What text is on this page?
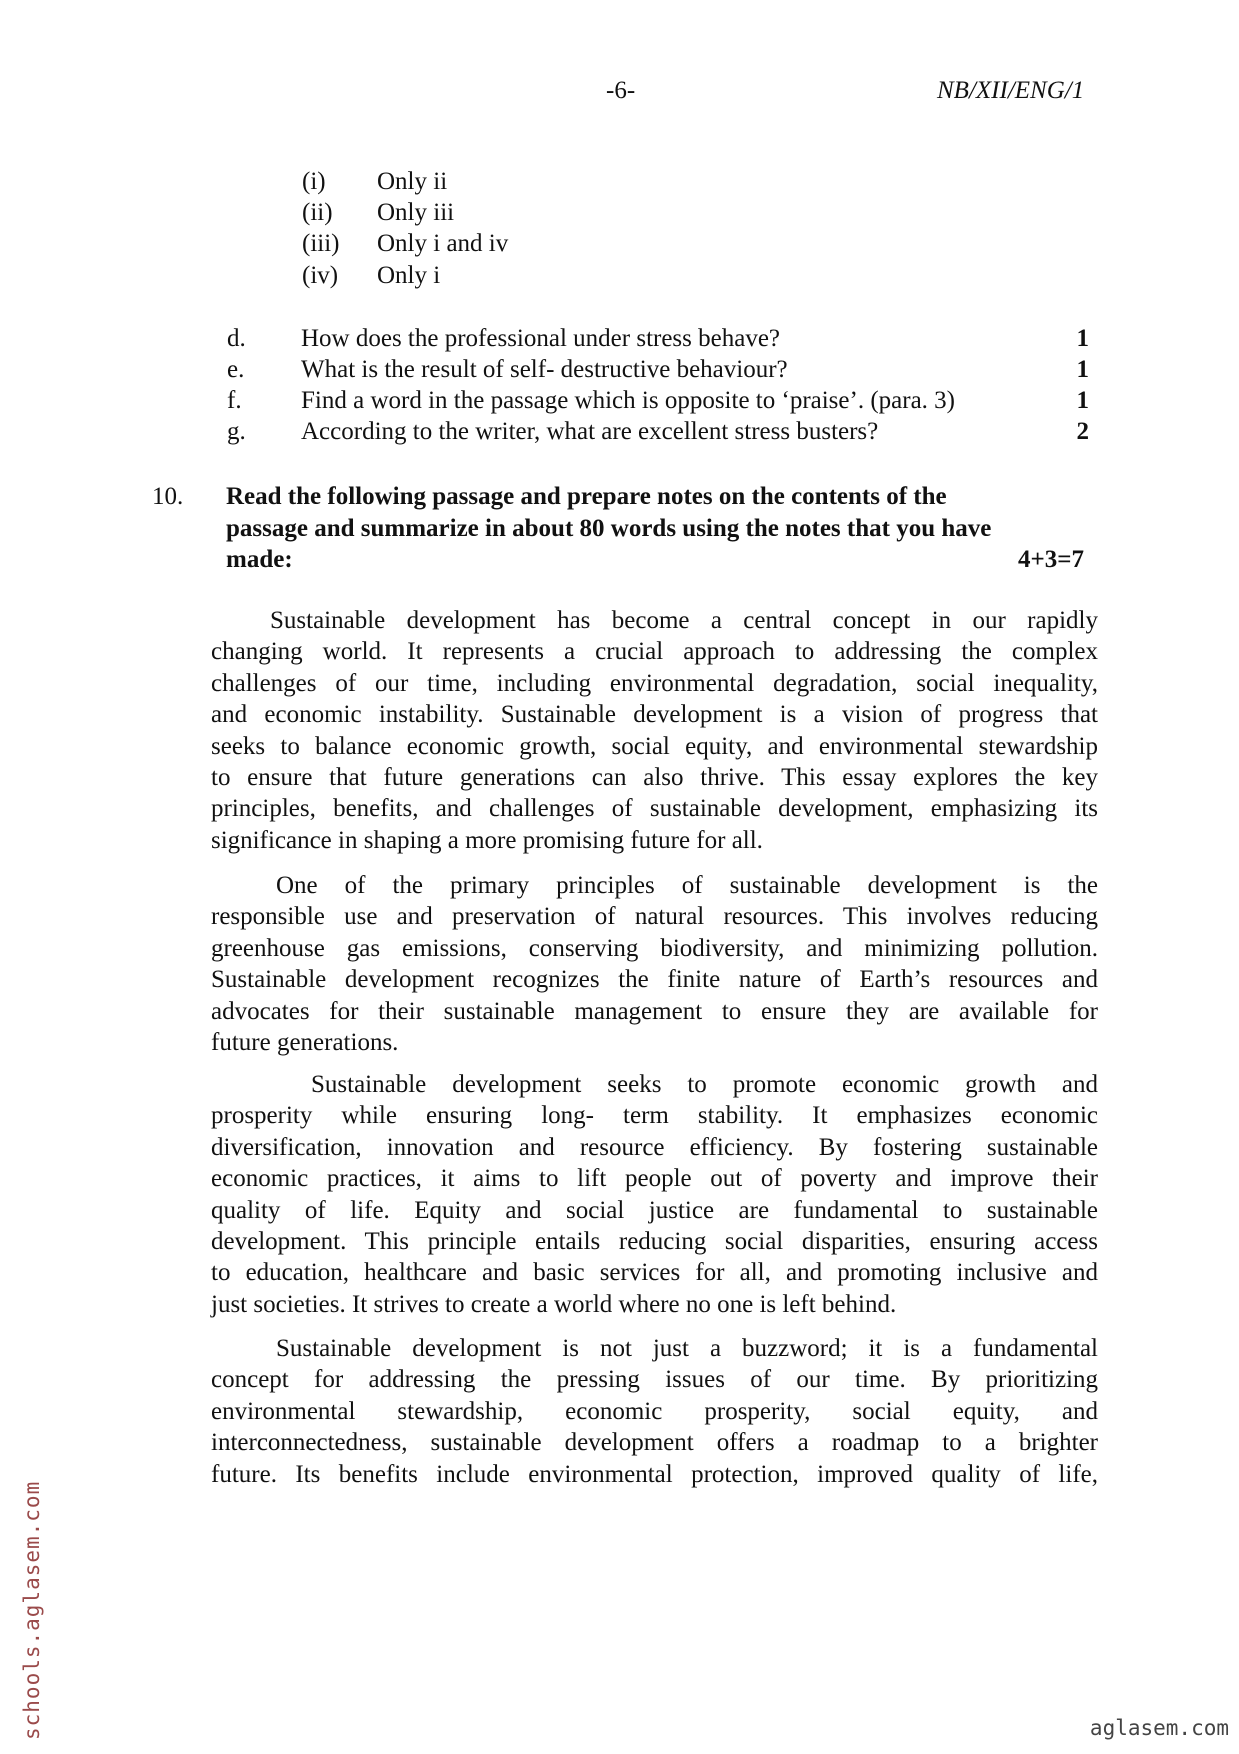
-6-	NB/XII/ENG/1
(i) Only ii
(ii) Only iii
(iii) Only i and iv
(iv) Only i
d. How does the professional under stress behave?	1
e. What is the result of self- destructive behaviour?	1
f. Find a word in the passage which is opposite to ‘praise’. (para. 3)	1
g. According to the writer, what are excellent stress busters?	2
10. Read the following passage and prepare notes on the contents of the
passage and summarize in about 80 words using the notes that you have
made:	4+3=7
Sustainable development has become a central concept in our rapidly
changing world. It represents a crucial approach to addressing the complex
challenges of our time, including environmental degradation, social inequality,
and economic instability. Sustainable development is a vision of progress that
seeks to balance economic growth, social equity, and environmental stewardship
to ensure that future generations can also thrive. This essay explores the key
principles, benefits, and challenges of sustainable development, emphasizing its
significance in shaping a more promising future for all.
One of the primary principles of sustainable development is the
responsible use and preservation of natural resources. This involves reducing
greenhouse gas emissions, conserving biodiversity, and minimizing pollution.
Sustainable development recognizes the finite nature of Earth’s resources and
advocates for their sustainable management to ensure they are available for
future generations.
Sustainable development seeks to promote economic growth and
prosperity while ensuring long- term stability. It emphasizes economic
diversification, innovation and resource efficiency. By fostering sustainable
economic practices, it aims to lift people out of poverty and improve their
quality of life. Equity and social justice are fundamental to sustainable
development. This principle entails reducing social disparities, ensuring access
to education, healthcare and basic services for all, and promoting inclusive and
just societies. It strives to create a world where no one is left behind.
Sustainable development is not just a buzzword; it is a fundamental
concept for addressing the pressing issues of our time. By prioritizing
environmental stewardship, economic prosperity, social equity, and
interconnectedness, sustainable development offers a roadmap to a brighter
future. Its benefits include environmental protection, improved quality of life,
schools.aglasem.com	aglasem.com
